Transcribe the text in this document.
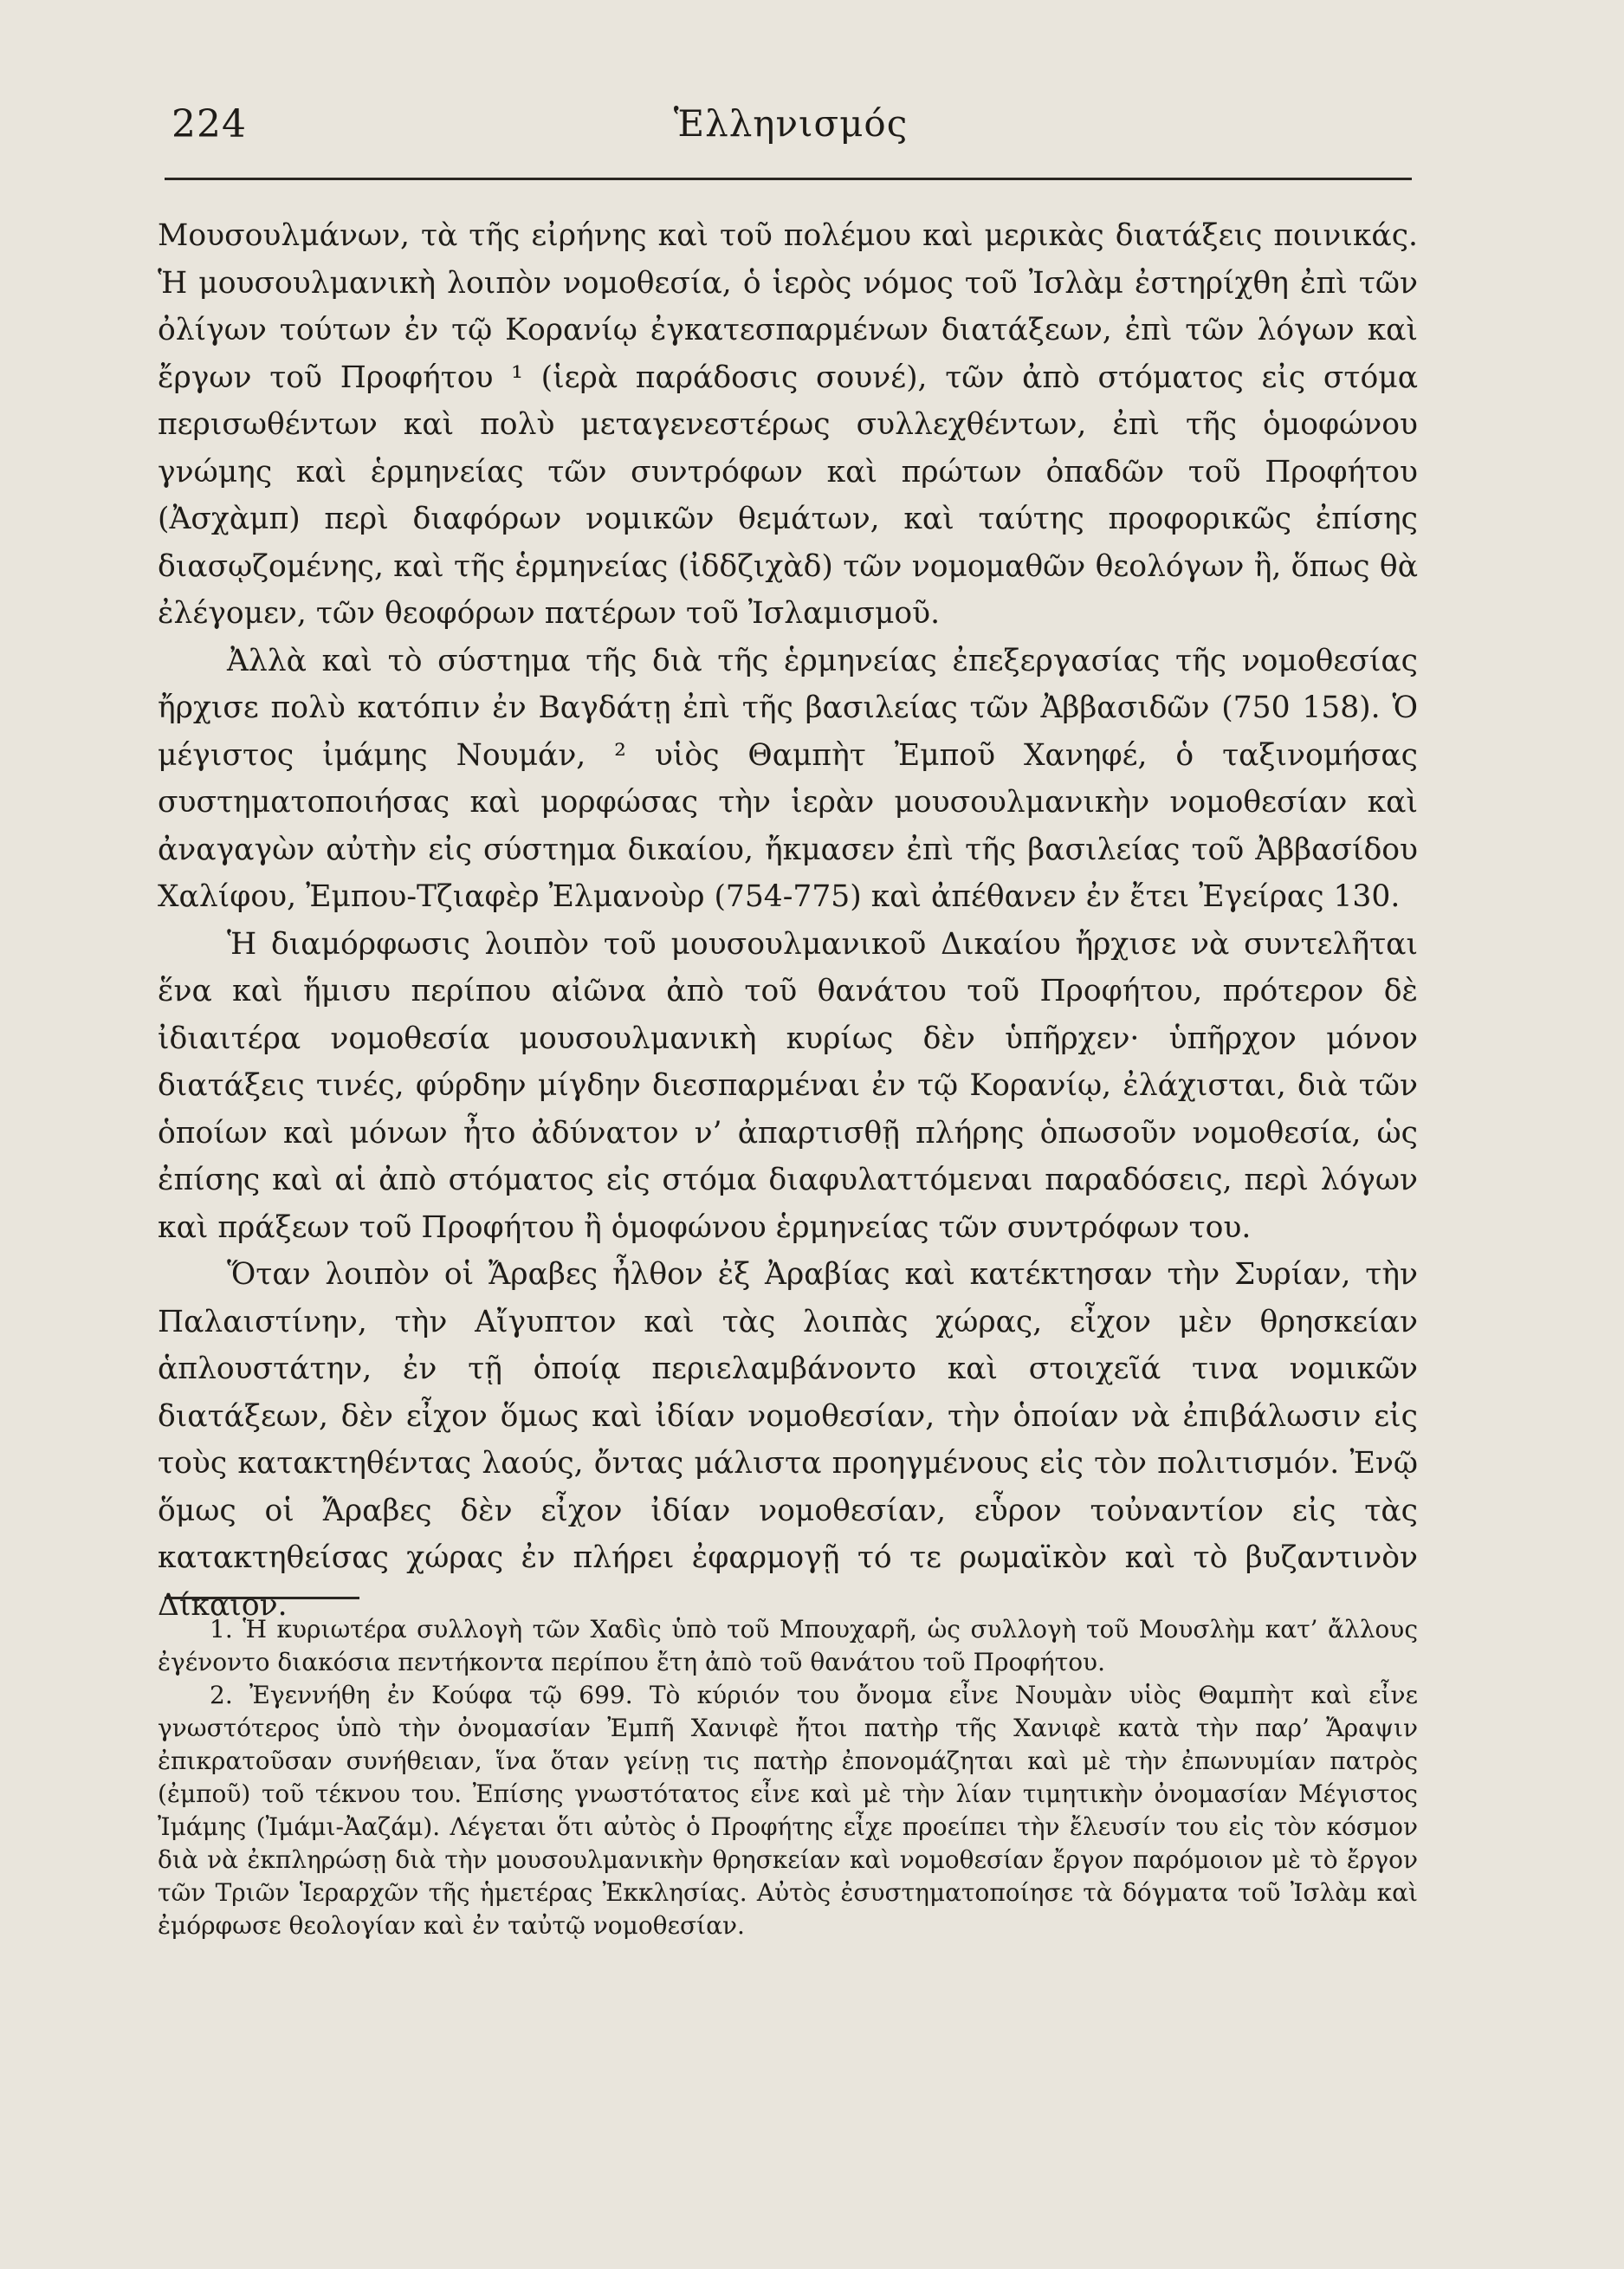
224	Ἑλληνισμός

Μουσουλμάνων, τὰ τῆς εἰρήνης καὶ τοῦ πολέμου καὶ μερικὰς διατάξεις ποινικάς. Ἡ μουσουλμανικὴ λοιπὸν νομοθεσία, ὁ ἱερὸς νόμος τοῦ Ἰσλὰμ ἐστηρίχθη ἐπὶ τῶν ὀλίγων τούτων ἐν τῷ Κορανίῳ ἐγκατεσπαρμένων διατάξεων, ἐπὶ τῶν λόγων καὶ ἔργων τοῦ Προφήτου ¹ (ἱερὰ παράδοσις σουνέ), τῶν ἀπὸ στόματος εἰς στόμα περισωθέντων καὶ πολὺ μεταγενεστέρως συλλεχθέντων, ἐπὶ τῆς ὁμοφώνου γνώμης καὶ ἑρμηνείας τῶν συντρόφων καὶ πρώτων ὀπαδῶν τοῦ Προφήτου (Ἀσχὰμπ) περὶ διαφόρων νομικῶν θεμάτων, καὶ ταύτης προφορικῶς ἐπίσης διασῳζομένης, καὶ τῆς ἑρμηνείας (ἰδδζιχὰδ) τῶν νομομαθῶν θεολόγων ἢ, ὅπως θὰ ἐλέγομεν, τῶν θεοφόρων πατέρων τοῦ Ἰσλαμισμοῦ.

Ἀλλὰ καὶ τὸ σύστημα τῆς διὰ τῆς ἑρμηνείας ἐπεξεργασίας τῆς νομοθεσίας ἤρχισε πολὺ κατόπιν ἐν Βαγδάτῃ ἐπὶ τῆς βασιλείας τῶν Ἀββασιδῶν (750 158). Ὁ μέγιστος ἰμάμης Νουμάν, ² υἱὸς Θαμπὴτ Ἐμποῦ Χανηφέ, ὁ ταξινομήσας συστηματοποιήσας καὶ μορφώσας τὴν ἱερὰν μουσουλμανικὴν νομοθεσίαν καὶ ἀναγαγὼν αὐτὴν εἰς σύστημα δικαίου, ἤκμασεν ἐπὶ τῆς βασιλείας τοῦ Ἀββασίδου Χαλίφου, Ἐμπου-Τζιαφὲρ Ἐλμανοὺρ (754-775) καὶ ἀπέθανεν ἐν ἔτει Ἐγείρας 130.

Ἡ διαμόρφωσις λοιπὸν τοῦ μουσουλμανικοῦ Δικαίου ἤρχισε νὰ συντελῆται ἕνα καὶ ἥμισυ περίπου αἰῶνα ἀπὸ τοῦ θανάτου τοῦ Προφήτου, πρότερον δὲ ἰδιαιτέρα νομοθεσία μουσουλμανικὴ κυρίως δὲν ὑπῆρχεν· ὑπῆρχον μόνον διατάξεις τινές, φύρδην μίγδην διεσπαρμέναι ἐν τῷ Κορανίῳ, ἐλάχισται, διὰ τῶν ὁποίων καὶ μόνων ἦτο ἀδύνατον ν’ ἀπαρτισθῇ πλήρης ὁπωσοῦν νομοθεσία, ὡς ἐπίσης καὶ αἱ ἀπὸ στόματος εἰς στόμα διαφυλαττόμεναι παραδόσεις, περὶ λόγων καὶ πράξεων τοῦ Προφήτου ἢ ὁμοφώνου ἑρμηνείας τῶν συντρόφων του.

Ὅταν λοιπὸν οἱ Ἄραβες ἦλθον ἐξ Ἀραβίας καὶ κατέκτησαν τὴν Συρίαν, τὴν Παλαιστίνην, τὴν Αἴγυπτον καὶ τὰς λοιπὰς χώρας, εἶχον μὲν θρησκείαν ἁπλουστάτην, ἐν τῇ ὁποίᾳ περιελαμβάνοντο καὶ στοιχεῖά τινα νομικῶν διατάξεων, δὲν εἶχον ὅμως καὶ ἰδίαν νομοθεσίαν, τὴν ὁποίαν νὰ ἐπιβάλωσιν εἰς τοὺς κατακτηθέντας λαούς, ὄντας μάλιστα προηγμένους εἰς τὸν πολιτισμόν. Ἐνῷ ὅμως οἱ Ἄραβες δὲν εἶχον ἰδίαν νομοθεσίαν, εὗρον τοὐναντίον εἰς τὰς κατακτηθείσας χώρας ἐν πλήρει ἐφαρμογῇ τό τε ρωμαϊκὸν καὶ τὸ βυζαντινὸν Δίκαιον.

1. Ἡ κυριωτέρα συλλογὴ τῶν Χαδὶς ὑπὸ τοῦ Μπουχαρῆ, ὡς συλλογὴ τοῦ Μουσλὴμ κατ’ ἄλλους ἐγένοντο διακόσια πεντήκοντα περίπου ἔτη ἀπὸ τοῦ θανάτου τοῦ Προφήτου.

2. Ἐγεννήθη ἐν Κούφα τῷ 699. Τὸ κύριόν του ὄνομα εἶνε Νουμὰν υἱὸς Θαμπὴτ καὶ εἶνε γνωστότερος ὑπὸ τὴν ὀνομασίαν Ἐμπῆ Χανιφὲ ἤτοι πατὴρ τῆς Χανιφὲ κατὰ τὴν παρ’ Ἄραψιν ἐπικρατοῦσαν συνήθειαν, ἵνα ὅταν γείνῃ τις πατὴρ ἐπονομάζηται καὶ μὲ τὴν ἐπωνυμίαν πατρὸς (ἐμποῦ) τοῦ τέκνου του. Ἐπίσης γνωστότατος εἶνε καὶ μὲ τὴν λίαν τιμητικὴν ὀνομασίαν Μέγιστος Ἰμάμης (Ἰμάμι-Ἀαζάμ). Λέγεται ὅτι αὐτὸς ὁ Προφήτης εἶχε προείπει τὴν ἔλευσίν του εἰς τὸν κόσμον διὰ νὰ ἐκπληρώσῃ διὰ τὴν μουσουλμανικὴν θρησκείαν καὶ νομοθεσίαν ἔργον παρόμοιον μὲ τὸ ἔργον τῶν Τριῶν Ἱεραρχῶν τῆς ἡμετέρας Ἐκκλησίας. Αὐτὸς ἐσυστηματοποίησε τὰ δόγματα τοῦ Ἰσλὰμ καὶ ἐμόρφωσε θεολογίαν καὶ ἐν ταὐτῷ νομοθεσίαν.
